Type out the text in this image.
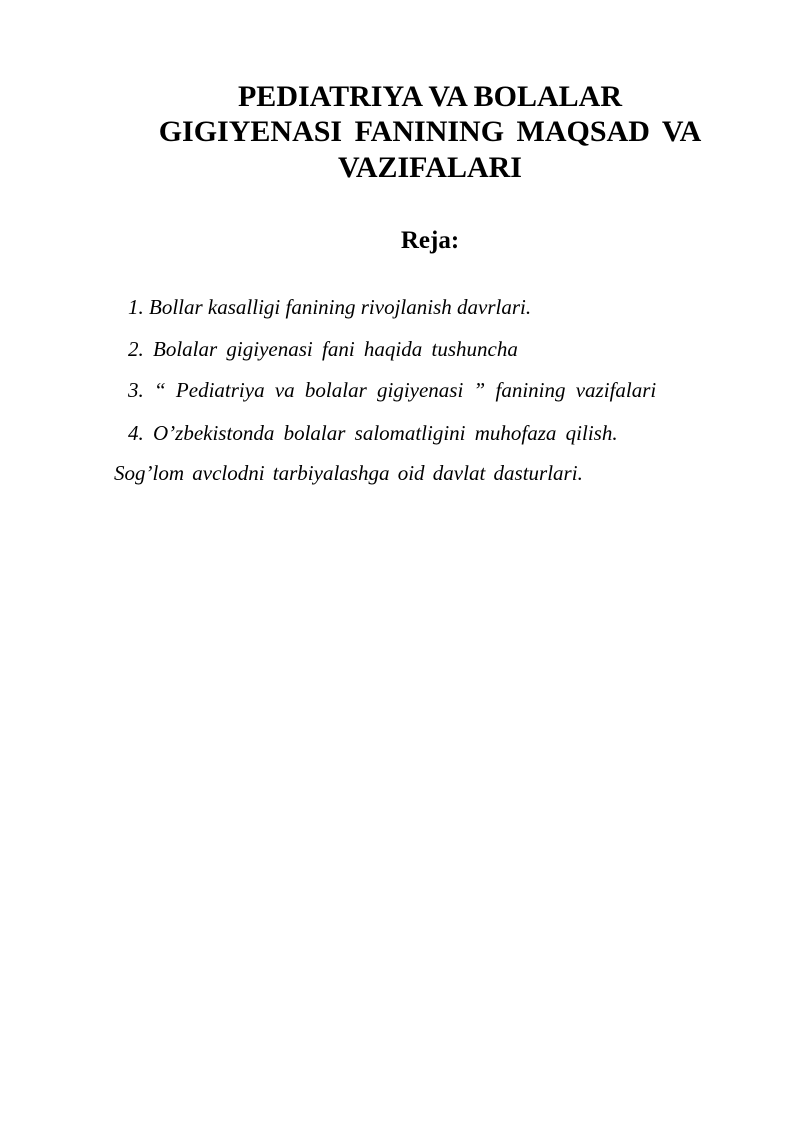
PEDIATRIYA VA BOLALAR
GIGIYENASI FANINING MAQSAD VA
VAZIFALARI
Reja:

1. Bollar kasalligi fanining rivojlanish davrlari.

2. Bolalar gigiyenasi fani haqida tushuncha

3. “ Pediatriya va bolalar gigiyenasi ” fanining vazifalari

4. O’zbekistonda bolalar salomatligini muhofaza qilish.

Sog’lom avclodni tarbiyalashga oid davlat dasturlari.
